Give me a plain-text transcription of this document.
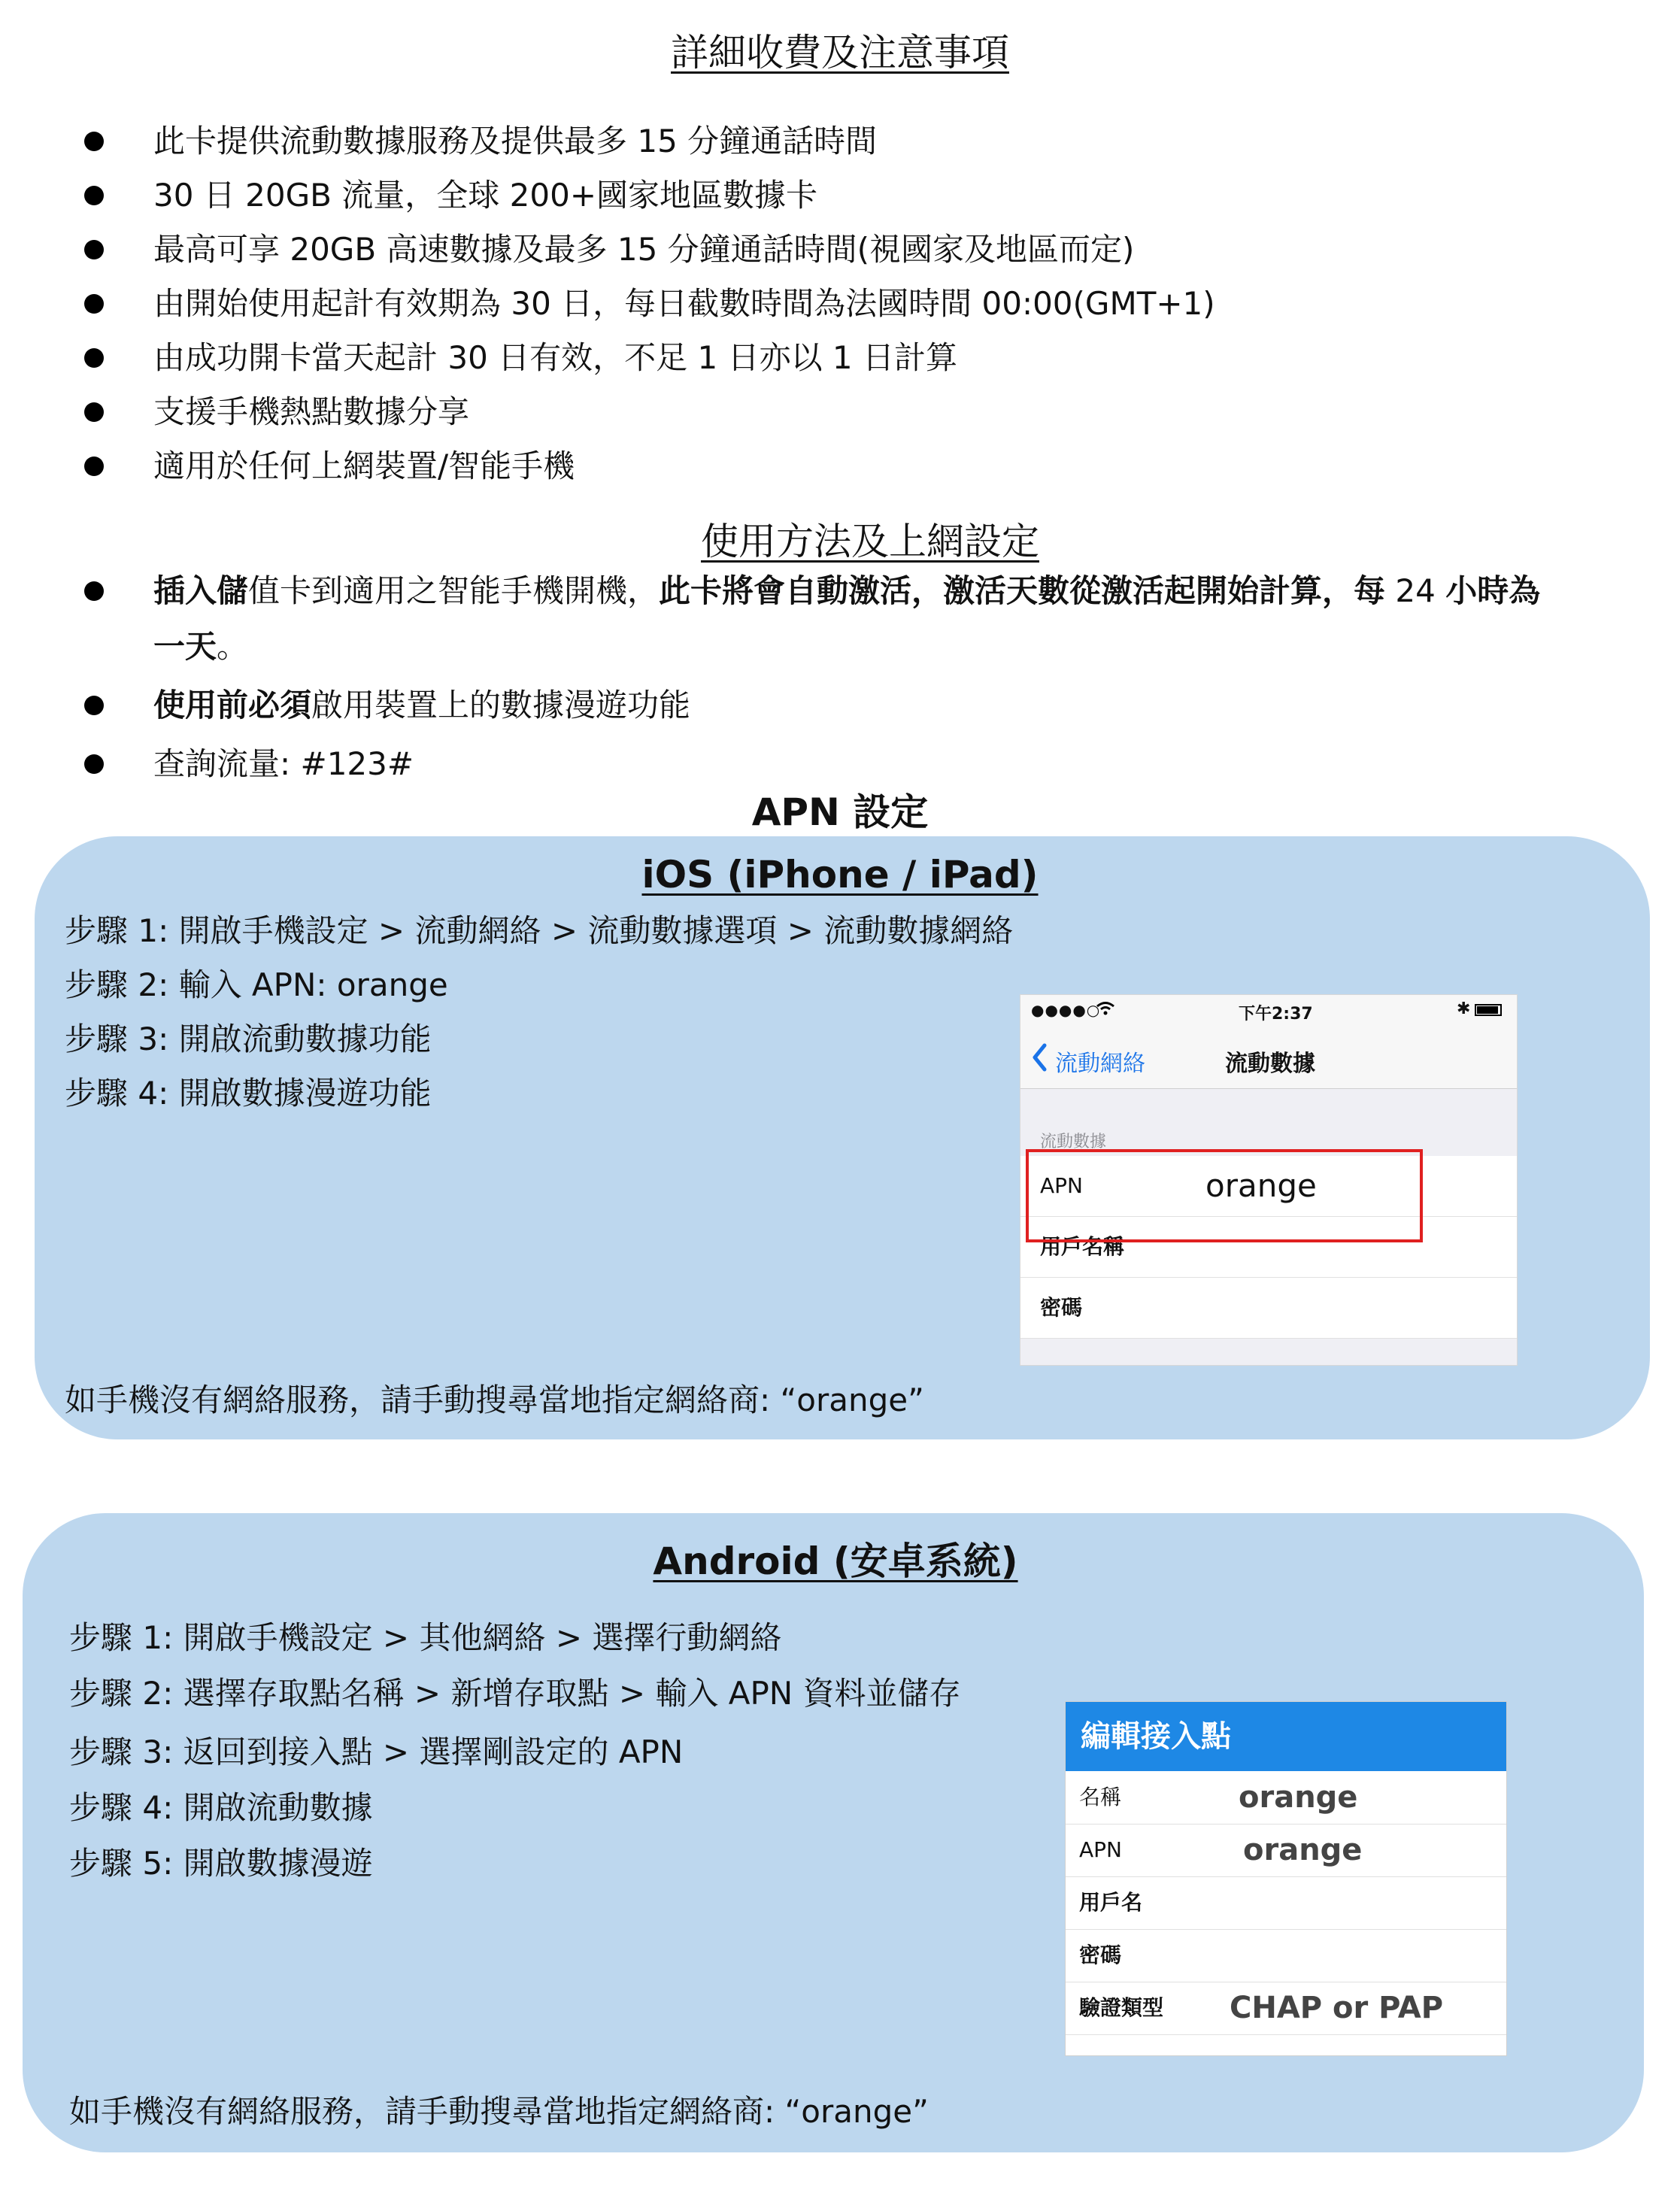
詳細收費及注意事項
此卡提供流動數據服務及提供最多 15 分鐘通話時間
30 日 20GB 流量，全球 200+國家地區數據卡
最高可享 20GB 高速數據及最多 15 分鐘通話時間(視國家及地區而定)
由開始使用起計有效期為 30 日，每日截數時間為法國時間 00:00(GMT+1)
由成功開卡當天起計 30 日有效，不足 1 日亦以 1 日計算
支援手機熱點數據分享
適用於任何上網裝置/智能手機
使用方法及上網設定
插入儲值卡到適用之智能手機開機，此卡將會自動激活，激活天數從激活起開始計算，每 24 小時為
一天。
使用前必須啟用裝置上的數據漫遊功能
查詢流量: #123#
APN 設定
iOS (iPhone / iPad)
步驟 1: 開啟手機設定 > 流動網絡 > 流動數據選項 > 流動數據網絡
步驟 2: 輸入 APN: orange
步驟 3: 開啟流動數據功能
步驟 4: 開啟數據漫遊功能
●●●●○	下午2:37	✱
流動網絡	流動數據
流動數據
APN	orange
用戶名稱
密碼
如手機沒有網絡服務，請手動搜尋當地指定網絡商: “orange”
Android (安卓系統)
步驟 1: 開啟手機設定 > 其他網絡 > 選擇行動網絡
步驟 2: 選擇存取點名稱 > 新增存取點 > 輸入 APN 資料並儲存
步驟 3: 返回到接入點 > 選擇剛設定的 APN
步驟 4: 開啟流動數據
步驟 5: 開啟數據漫遊
編輯接入點
名稱	orange
APN	orange
用戶名
密碼
驗證類型 CHAP or PAP
如手機沒有網絡服務，請手動搜尋當地指定網絡商: “orange”
